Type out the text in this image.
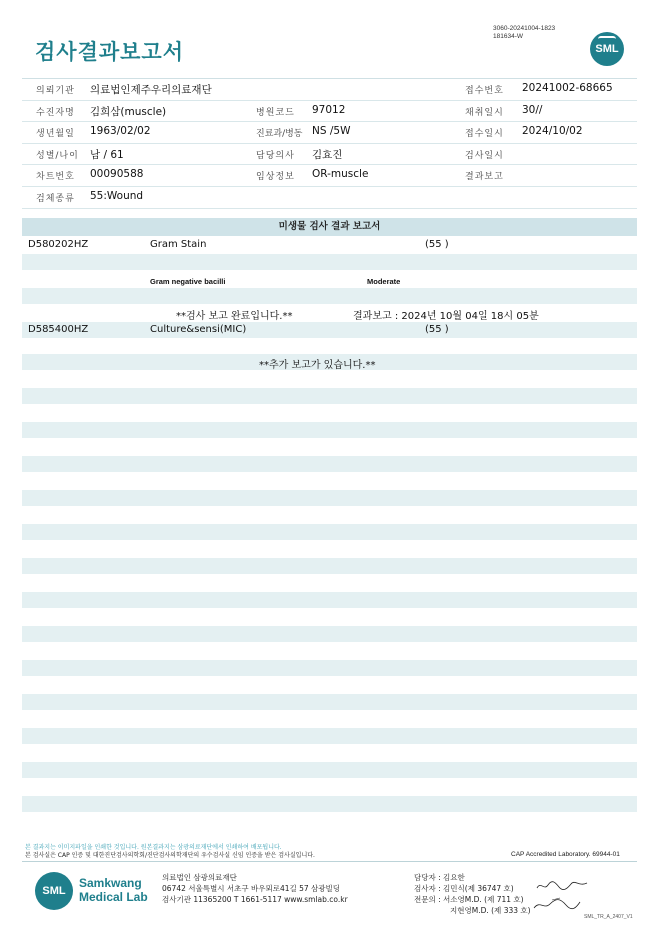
검사결과보고서
3060-20241004-1823
181634-W
SML
의뢰기관 의료법인제주우리의료재단	접수번호 20241002-68665
수진자명 김희삼(muscle)	병원코드 97012	채취일시 30//
생년월일 1963/02/02	진료과/병동 NS /5W	접수일시 2024/10/02
성별/나이 남 / 61	담당의사 김효진	검사일시
차트번호 00090588	임상정보 OR-muscle	결과보고
검체종류 55:Wound
미생물 검사 결과 보고서
D580202HZ	Gram Stain	(55 )
Gram negative bacilli	Moderate
**검사 보고 완료입니다.**	결과보고 : 2024년 10월 04일 18시 05분
D585400HZ	Culture&sensi(MIC)	(55 )
**추가 보고가 있습니다.**
본 결과지는 이미지파일을 인쇄한 것입니다. 원본결과지는 삼광의료재단에서 인쇄하여 배포됩니다.
본 검사실은 CAP 인증 및 대한진단검사의학회/진단검사의학재단의 우수검사실 신임 인증을 받은 검사실입니다.	CAP Accredited Laboratory. 69944-01
SML
Samkwang
Medical Lab
의료법인 삼광의료재단
06742 서울특별시 서초구 바우뫼로41길 57 삼광빌딩
검사기관 11365200 T 1661-5117 www.smlab.co.kr
담당자 : 김요한
검사자 : 김민식(제 36747 호)
전문의 : 서소영M.D. (제 711 호)
지현영M.D. (제 333 호)
SML_TR_A_2407_V1
